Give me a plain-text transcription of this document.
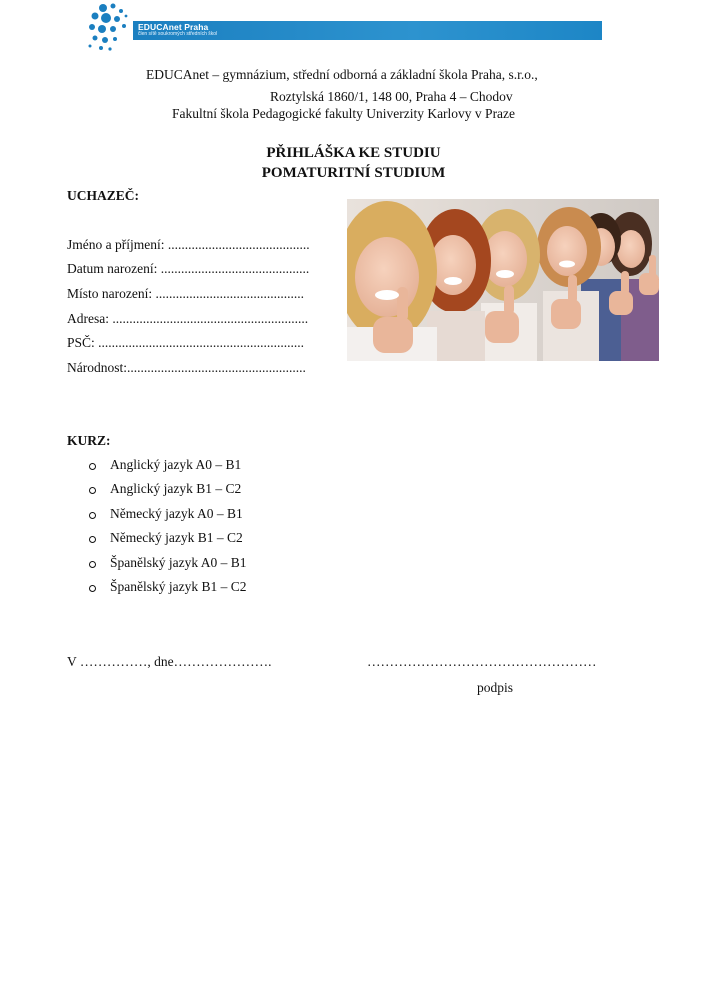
EDUCAnet Praha
člen sítě soukromých středních škol
EDUCAnet – gymnázium, střední odborná a základní škola Praha, s.r.o.,
Roztylská 1860/1, 148 00, Praha 4 – Chodov
Fakultní škola Pedagogické fakulty Univerzity Karlovy v Praze
PŘIHLÁŠKA KE STUDIU
POMATURITNÍ STUDIUM
UCHAZEČ:
Jméno a příjmení: ..........................................
Datum narození: ............................................
Místo narození: ............................................
Adresa: ..........................................................
PSČ: .............................................................
Národnost:.....................................................
KURZ:
Anglický jazyk A0 – B1
Anglický jazyk B1 – C2
Německý jazyk A0 – B1
Německý jazyk B1 – C2
Španělský jazyk A0 – B1
Španělský jazyk B1 – C2
V ……………, dne………………….	……………………………………………
podpis
